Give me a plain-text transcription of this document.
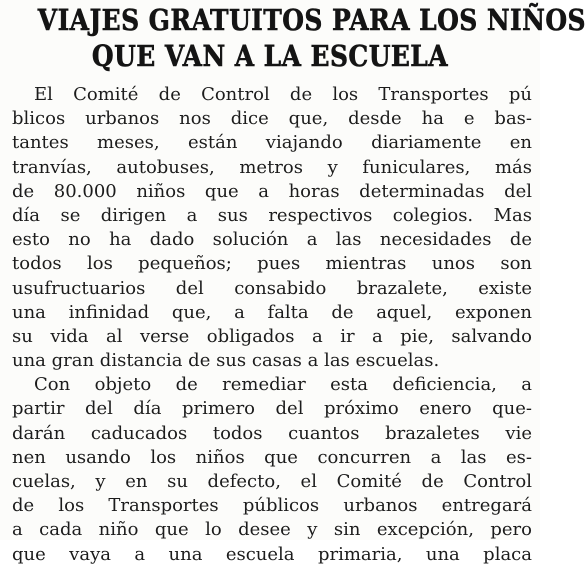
VIAJES GRATUITOS PARA LOS NIÑOS
QUE VAN A LA ESCUELA
El Comité de Control de los Transportes pú
blicos urbanos nos dice que, desde ha e bas-
tantes meses, están viajando diariamente en
tranvías, autobuses, metros y funiculares, más
de 80.000 niños que a horas determinadas del
día se dirigen a sus respectivos colegios. Mas
esto no ha dado solución a las necesidades de
todos los pequeños; pues mientras unos son
usufructuarios del consabido brazalete, existe
una infinidad que, a falta de aquel, exponen
su vida al verse obligados a ir a pie, salvando
una gran distancia de sus casas a las escuelas.
Con objeto de remediar esta deficiencia, a
partir del día primero del próximo enero que-
darán caducados todos cuantos brazaletes vie
nen usando los niños que concurren a las es-
cuelas, y en su defecto, el Comité de Control
de los Transportes públicos urbanos entregará
a cada niño que lo desee y sin excepción, pero
que vaya a una escuela primaria, una placa
